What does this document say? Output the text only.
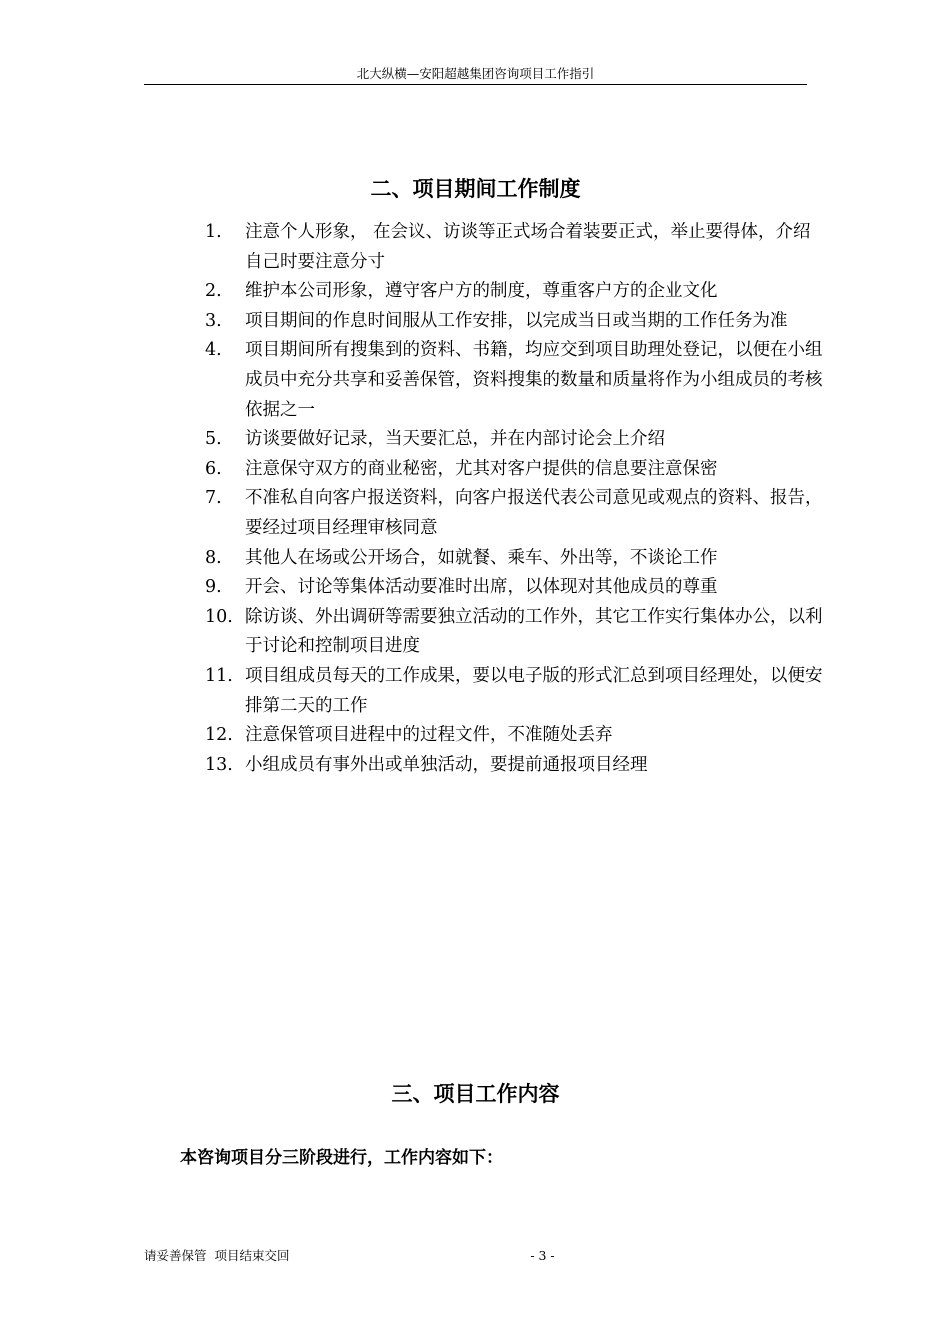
北大纵横—安阳超越集团咨询项目工作指引
二、项目期间工作制度
1.	注意个人形象， 在会议、访谈等正式场合着装要正式，举止要得体，介绍自己时要注意分寸
2.	维护本公司形象，遵守客户方的制度，尊重客户方的企业文化
3.	项目期间的作息时间服从工作安排，以完成当日或当期的工作任务为准
4.	项目期间所有搜集到的资料、书籍，均应交到项目助理处登记，以便在小组成员中充分共享和妥善保管，资料搜集的数量和质量将作为小组成员的考核依据之一
5.	访谈要做好记录，当天要汇总，并在内部讨论会上介绍
6.	注意保守双方的商业秘密，尤其对客户提供的信息要注意保密
7.	不准私自向客户报送资料，向客户报送代表公司意见或观点的资料、报告，要经过项目经理审核同意
8.	其他人在场或公开场合，如就餐、乘车、外出等，不谈论工作
9.	开会、讨论等集体活动要准时出席，以体现对其他成员的尊重
10. 除访谈、外出调研等需要独立活动的工作外，其它工作实行集体办公，以利于讨论和控制项目进度
11. 项目组成员每天的工作成果，要以电子版的形式汇总到项目经理处，以便安排第二天的工作
12. 注意保管项目进程中的过程文件，不准随处丢弃
13. 小组成员有事外出或单独活动，要提前通报项目经理
三、项目工作内容
本咨询项目分三阶段进行，工作内容如下：
请妥善保管  项目结束交回	- 3 -
